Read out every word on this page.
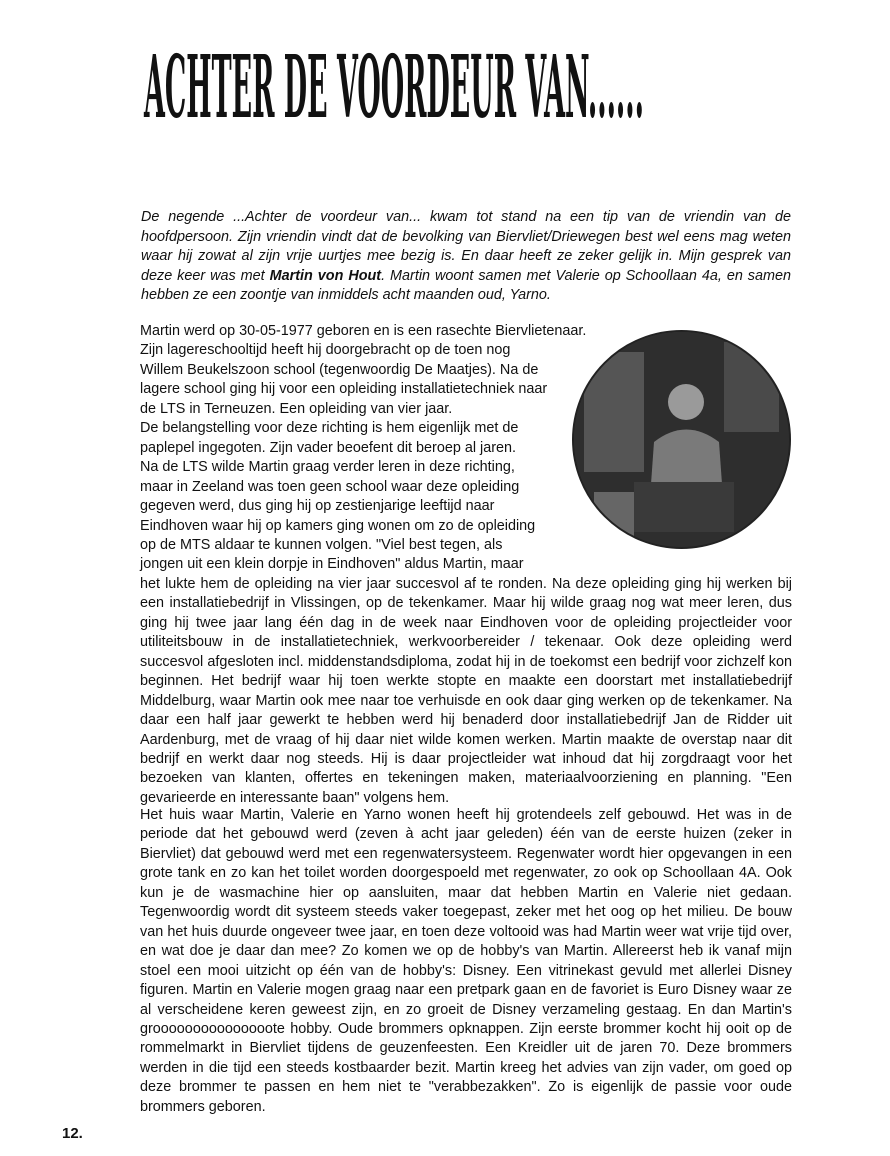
ACHTER DE VOORDEUR VAN......

De negende ...Achter de voordeur van... kwam tot stand na een tip van de vriendin van de hoofdpersoon. Zijn vriendin vindt dat de bevolking van Biervliet/Driewegen best wel eens mag weten waar hij zowat al zijn vrije uurtjes mee bezig is. En daar heeft ze zeker gelijk in. Mijn gesprek van deze keer was met Martin von Hout. Martin woont samen met Valerie op Schoollaan 4a, en samen hebben ze een zoontje van inmiddels acht maanden oud, Yarno.

Martin werd op 30-05-1977 geboren en is een rasechte Biervlietenaar.
Zijn lagereschooltijd heeft hij doorgebracht op de toen nog
Willem Beukelszoon school (tegenwoordig De Maatjes). Na de
lagere school ging hij voor een opleiding installatietechniek naar
de LTS in Terneuzen. Een opleiding van vier jaar.
De belangstelling voor deze richting is hem eigenlijk met de
paplepel ingegoten. Zijn vader beoefent dit beroep al jaren.
Na de LTS wilde Martin graag verder leren in deze richting,
maar in Zeeland was toen geen school waar deze opleiding
gegeven werd, dus ging hij op zestienjarige leeftijd naar
Eindhoven waar hij op kamers ging wonen om zo de opleiding
op de MTS aldaar te kunnen volgen. "Viel best tegen, als
jongen uit een klein dorpje in Eindhoven" aldus Martin, maar
het lukte hem de opleiding na vier jaar succesvol af te ronden. Na deze opleiding ging hij werken bij een installatiebedrijf in Vlissingen, op de tekenkamer. Maar hij wilde graag nog wat meer leren, dus ging hij twee jaar lang één dag in de week naar Eindhoven voor de opleiding projectleider voor utiliteitsbouw in de installatietechniek, werkvoorbereider / tekenaar. Ook deze opleiding werd succesvol afgesloten incl. middenstandsdiploma, zodat hij in de toekomst een bedrijf voor zichzelf kon beginnen. Het bedrijf waar hij toen werkte stopte en maakte een doorstart met installatiebedrijf Middelburg, waar Martin ook mee naar toe verhuisde en ook daar ging werken op de tekenkamer. Na daar een half jaar gewerkt te hebben werd hij benaderd door installatiebedrijf Jan de Ridder uit Aardenburg, met de vraag of hij daar niet wilde komen werken. Martin maakte de overstap naar dit bedrijf en werkt daar nog steeds. Hij is daar projectleider wat inhoud dat hij zorgdraagt voor het bezoeken van klanten, offertes en tekeningen maken, materiaalvoorziening en planning. "Een gevarieerde en interessante baan" volgens hem.

Het huis waar Martin, Valerie en Yarno wonen heeft hij grotendeels zelf gebouwd. Het was in de periode dat het gebouwd werd (zeven à acht jaar geleden) één van de eerste huizen (zeker in Biervliet) dat gebouwd werd met een regenwatersysteem. Regenwater wordt hier opgevangen in een grote tank en zo kan het toilet worden doorgespoeld met regenwater, zo ook op Schoollaan 4A. Ook kun je de wasmachine hier op aansluiten, maar dat hebben Martin en Valerie niet gedaan. Tegenwoordig wordt dit systeem steeds vaker toegepast, zeker met het oog op het milieu. De bouw van het huis duurde ongeveer twee jaar, en toen deze voltooid was had Martin weer wat vrije tijd over, en wat doe je daar dan mee? Zo komen we op de hobby's van Martin. Allereerst heb ik vanaf mijn stoel een mooi uitzicht op één van de hobby's: Disney. Een vitrinekast gevuld met allerlei Disney figuren. Martin en Valerie mogen graag naar een pretpark gaan en de favoriet is Euro Disney waar ze al verscheidene keren geweest zijn, en zo groeit de Disney verzameling gestaag. En dan Martin's grooooooooooooooote hobby. Oude brommers opknappen. Zijn eerste brommer kocht hij ooit op de rommelmarkt in Biervliet tijdens de geuzenfeesten. Een Kreidler uit de jaren 70. Deze brommers werden in die tijd een steeds kostbaarder bezit. Martin kreeg het advies van zijn vader, om goed op deze brommer te passen en hem niet te "verabbezakken". Zo is eigenlijk de passie voor oude brommers geboren.

12.
